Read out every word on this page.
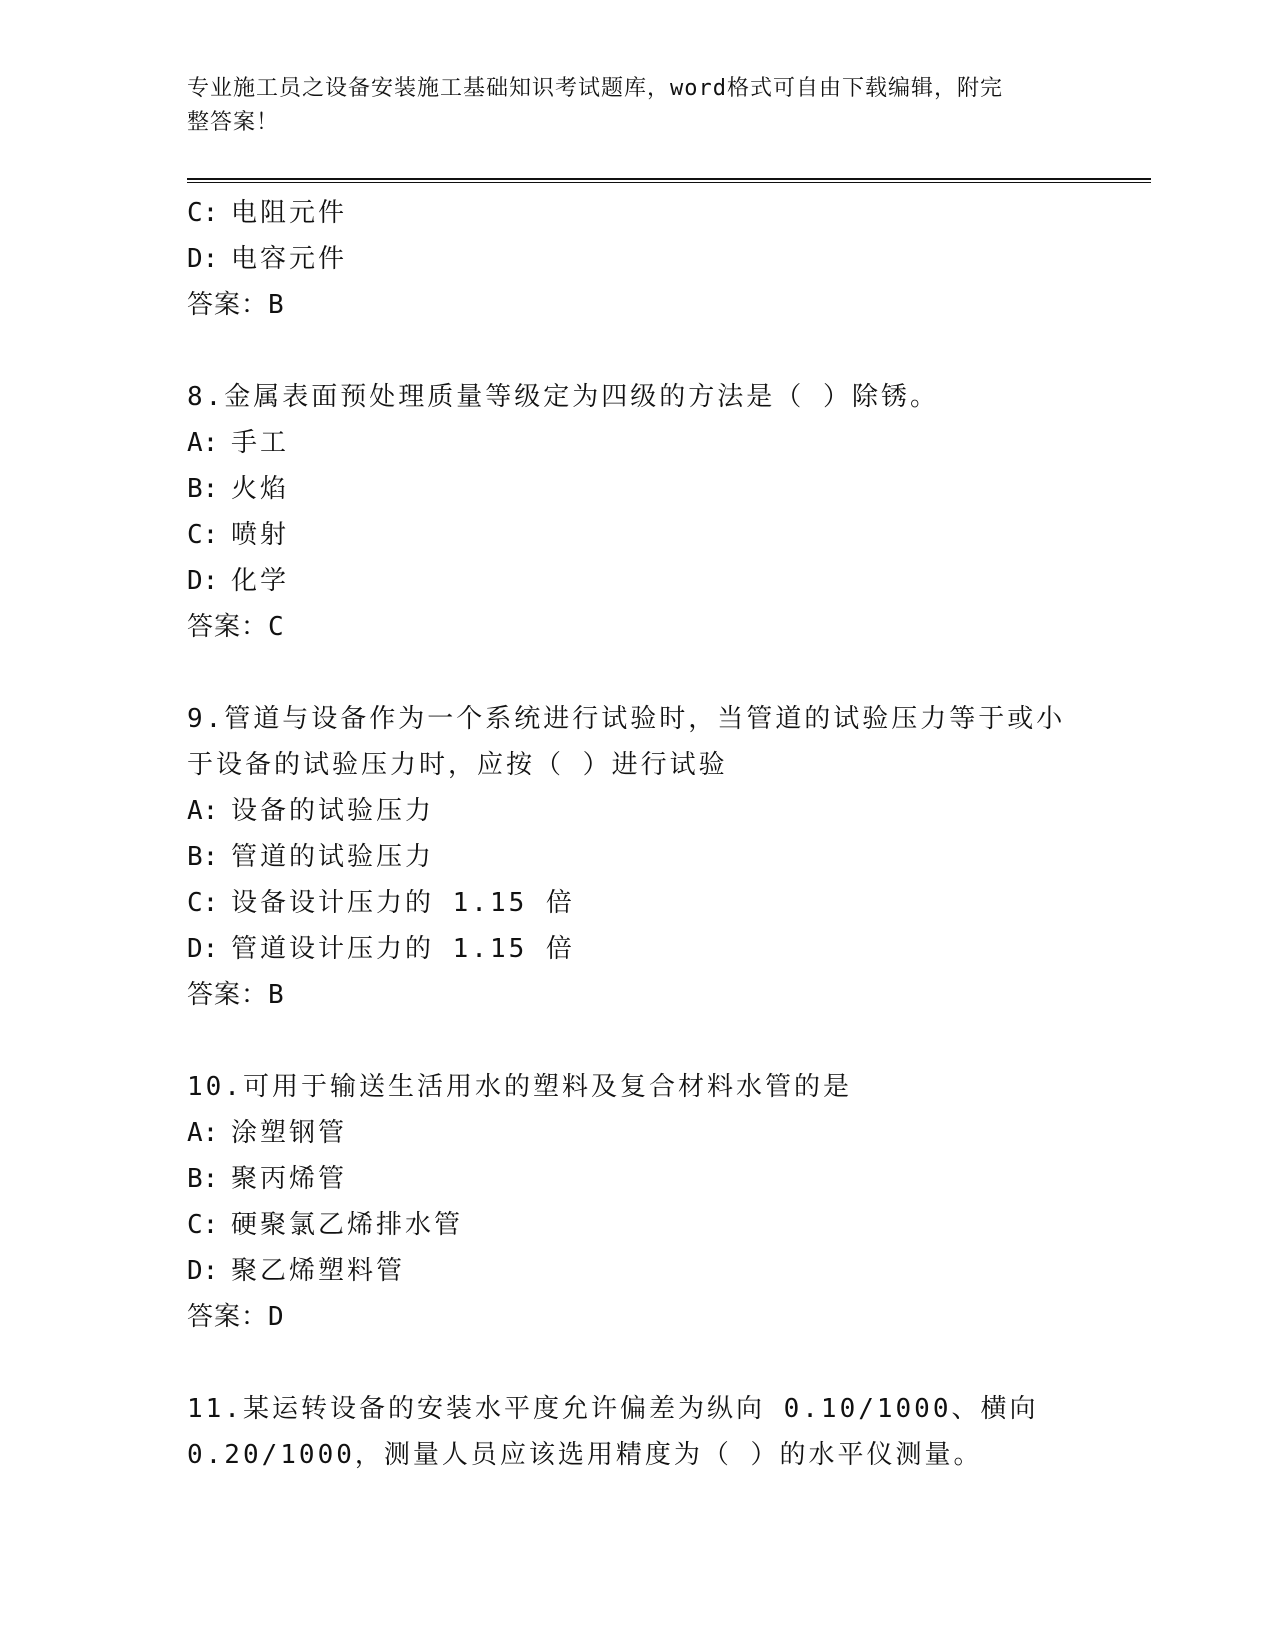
专业施工员之设备安装施工基础知识考试题库，word格式可自由下载编辑，附完
整答案！
C: 电阻元件
D: 电容元件
答案：B
8.金属表面预处理质量等级定为四级的方法是（ ）除锈。
A: 手工
B: 火焰
C: 喷射
D: 化学
答案：C
9.管道与设备作为一个系统进行试验时，当管道的试验压力等于或小
于设备的试验压力时，应按（ ）进行试验
A: 设备的试验压力
B: 管道的试验压力
C: 设备设计压力的 1.15 倍
D: 管道设计压力的 1.15 倍
答案：B
10.可用于输送生活用水的塑料及复合材料水管的是
A: 涂塑钢管
B: 聚丙烯管
C: 硬聚氯乙烯排水管
D: 聚乙烯塑料管
答案：D
11.某运转设备的安装水平度允许偏差为纵向 0.10/1000、横向
0.20/1000，测量人员应该选用精度为（ ）的水平仪测量。
